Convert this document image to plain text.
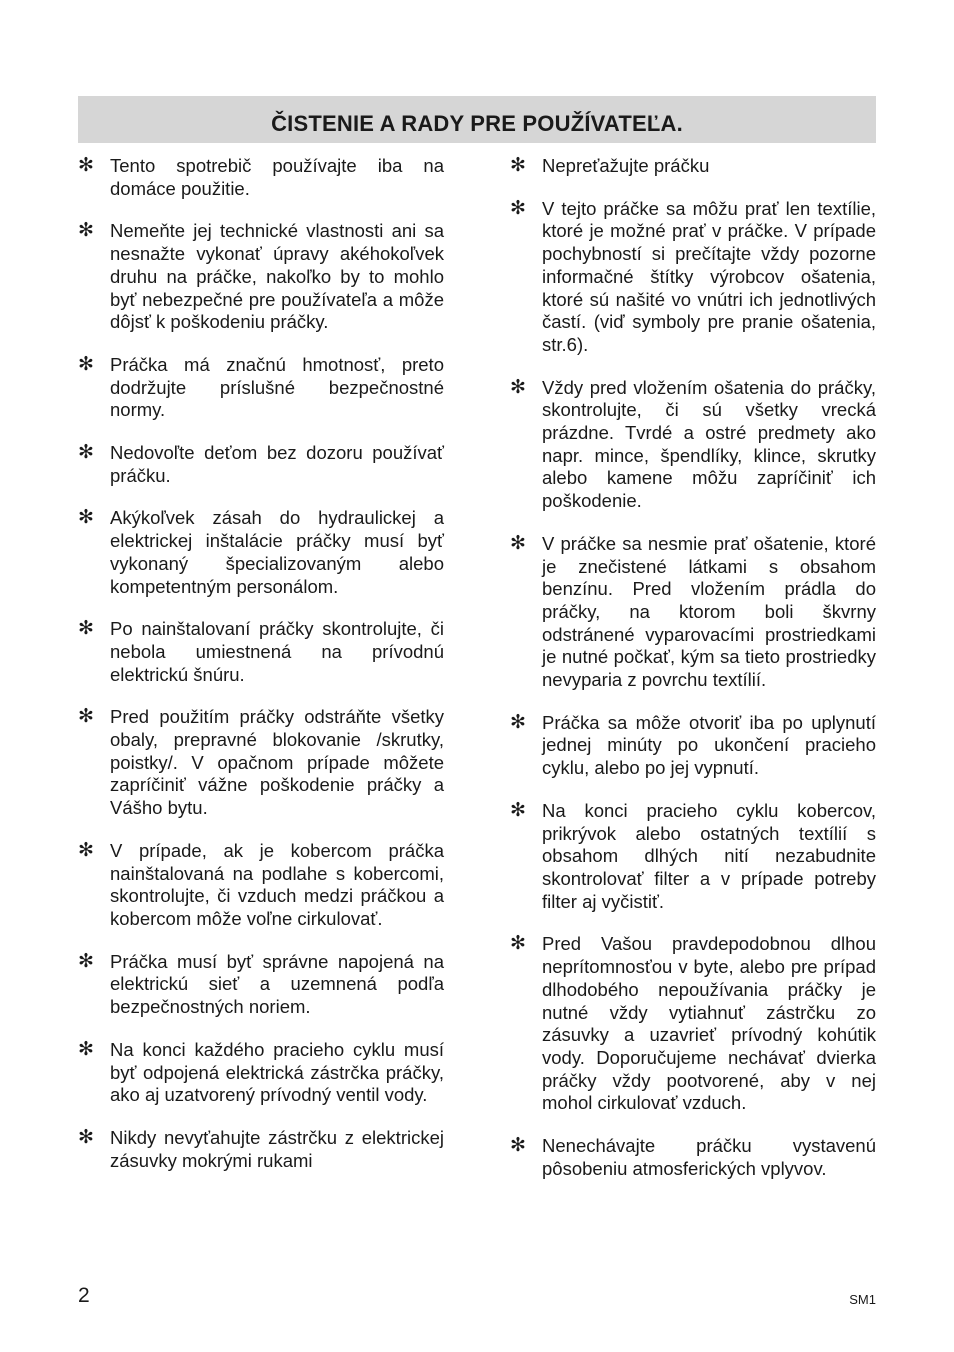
ČISTENIE A RADY PRE POUŽÍVATEĽA.
✻ Tento spotrebič používajte iba na domáce použitie.
✻ Nemeňte jej technické vlastnosti ani sa nesnažte vykonať úpravy akéhokoľvek druhu na práčke, nakoľko by to mohlo byť nebezpečné pre používateľa a môže dôjsť k poškodeniu práčky.
✻ Práčka má značnú hmotnosť, preto dodržujte príslušné bezpečnostné normy.
✻ Nedovoľte deťom bez dozoru používať práčku.
✻ Akýkoľvek zásah do hydraulickej a elektrickej inštalácie práčky musí byť vykonaný špecializovaným alebo kompetentným personálom.
✻ Po nainštalovaní práčky skontrolujte, či nebola umiestnená na prívodnú elektrickú šnúru.
✻ Pred použitím práčky odstráňte všetky obaly, prepravné blokovanie /skrutky, poistky/. V opačnom prípade môžete zapríčiniť vážne poškodenie práčky a Vášho bytu.
✻ V prípade, ak je kobercom práčka nainštalovaná na podlahe s kobercomi, skontrolujte, či vzduch medzi práčkou a kobercom môže voľne cirkulovať.
✻ Práčka musí byť správne napojená na elektrickú sieť a uzemnená podľa bezpečnostných noriem.
✻ Na konci každého pracieho cyklu musí byť odpojená elektrická zástrčka práčky, ako aj uzatvorený prívodný ventil vody.
✻ Nikdy nevyťahujte zástrčku z elektrickej zásuvky mokrými rukami
✻ Nepreťažujte práčku
✻ V tejto práčke sa môžu prať len textílie, ktoré je možné prať v práčke. V prípade pochybností si prečítajte vždy pozorne informačné štítky výrobcov ošatenia, ktoré sú našité vo vnútri ich jednotlivých častí. (viď symboly pre pranie ošatenia, str.6).
✻ Vždy pred vložením ošatenia do práčky, skontrolujte, či sú všetky vrecká prázdne. Tvrdé a ostré predmety ako napr. mince, špendlíky, klince, skrutky alebo kamene môžu zapríčiniť ich poškodenie.
✻ V práčke sa nesmie prať ošatenie, ktoré je znečistené látkami s obsahom benzínu. Pred vložením prádla do práčky, na ktorom boli škvrny odstránené vyparovacími prostriedkami je nutné počkať, kým sa tieto prostriedky nevyparia z povrchu textílií.
✻ Práčka sa môže otvoriť iba po uplynutí jednej minúty po ukončení pracieho cyklu, alebo po jej vypnutí.
✻ Na konci pracieho cyklu kobercov, prikrývok alebo ostatných textílií s obsahom dlhých nití nezabudnite skontrolovať filter a v prípade potreby filter aj vyčistiť.
✻ Pred Vašou pravdepodobnou dlhou neprítomnosťou v byte, alebo pre prípad dlhodobého nepoužívania práčky je nutné vždy vytiahnuť zástrčku zo zásuvky a uzavrieť prívodný kohútik vody. Doporučujeme nechávať dvierka práčky vždy pootvorené, aby v nej mohol cirkulovať vzduch.
✻ Nenechávajte práčku vystavenú pôsobeniu atmosferických vplyvov.
2	SM1
